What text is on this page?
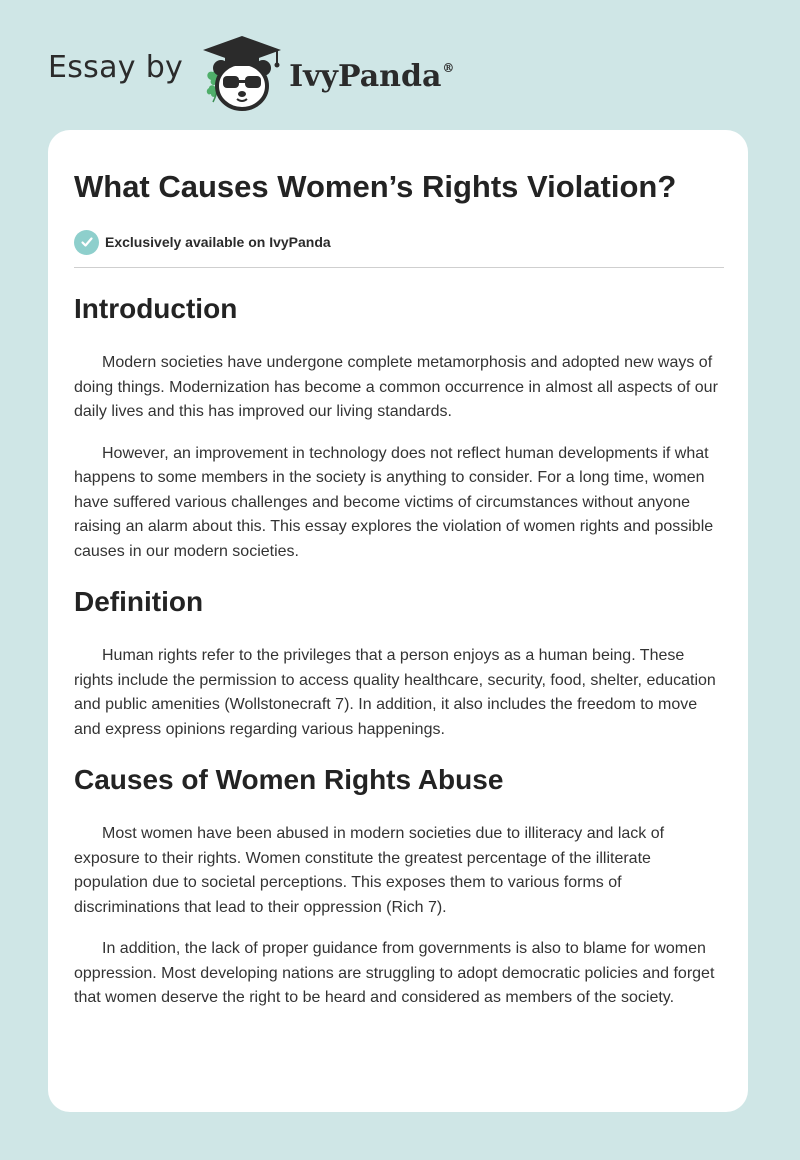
Essay by	IvyPanda®
What Causes Women’s Rights Violation?
Exclusively available on IvyPanda
Introduction

Modern societies have undergone complete metamorphosis and adopted new ways of doing things. Modernization has become a common occurrence in almost all aspects of our daily lives and this has improved our living standards.

However, an improvement in technology does not reflect human developments if what happens to some members in the society is anything to consider. For a long time, women have suffered various challenges and become victims of circumstances without anyone raising an alarm about this. This essay explores the violation of women rights and possible causes in our modern societies.

Definition

Human rights refer to the privileges that a person enjoys as a human being. These rights include the permission to access quality healthcare, security, food, shelter, education and public amenities (Wollstonecraft 7). In addition, it also includes the freedom to move and express opinions regarding various happenings.

Causes of Women Rights Abuse

Most women have been abused in modern societies due to illiteracy and lack of exposure to their rights. Women constitute the greatest percentage of the illiterate population due to societal perceptions. This exposes them to various forms of discriminations that lead to their oppression (Rich 7).

In addition, the lack of proper guidance from governments is also to blame for women oppression. Most developing nations are struggling to adopt democratic policies and forget that women deserve the right to be heard and considered as members of the society.
